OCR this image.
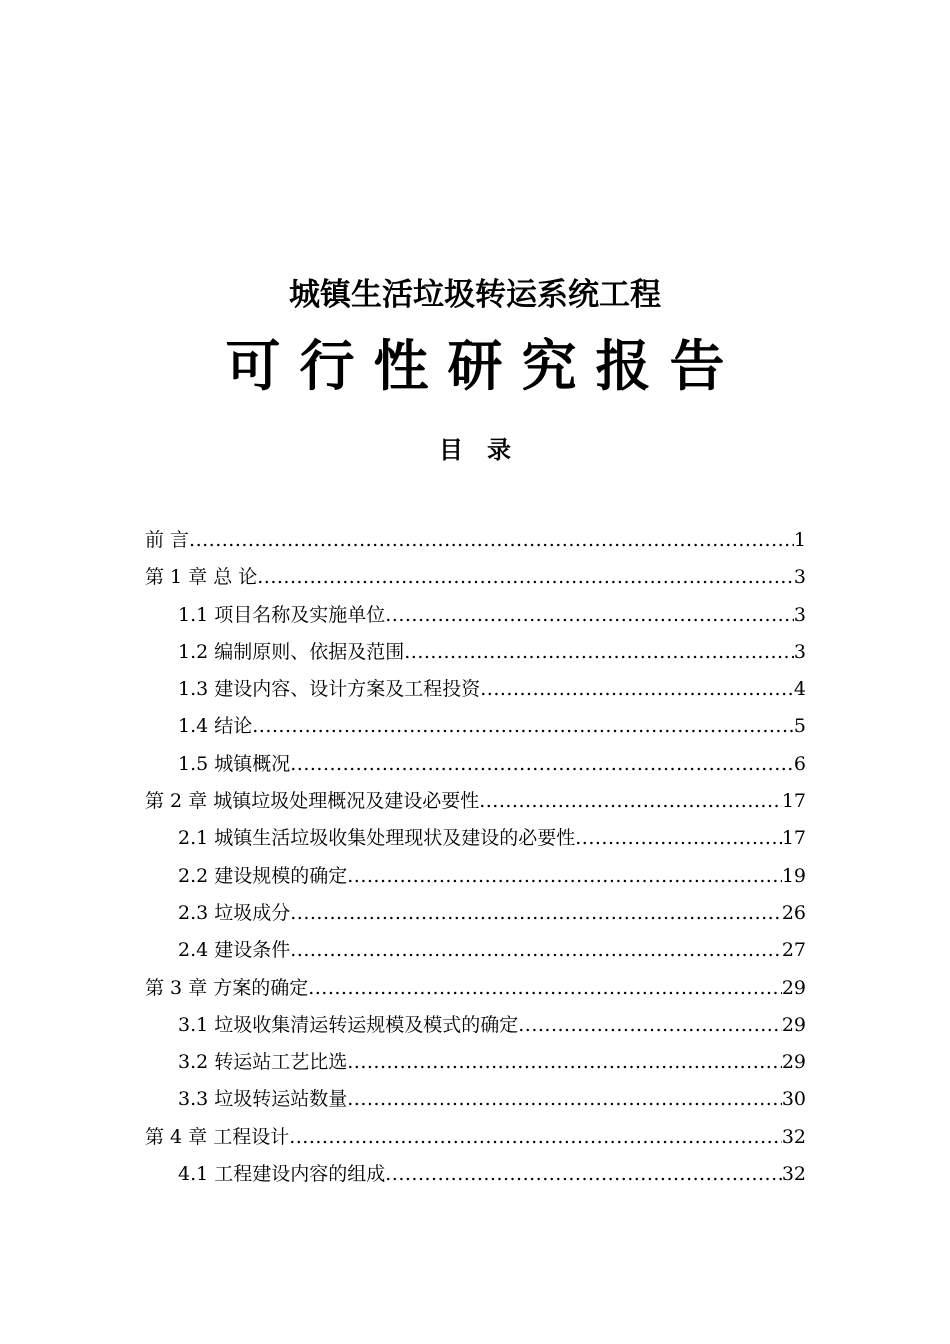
城镇生活垃圾转运系统工程
可行性研究报告
目录
前 言 .....	1
第 1 章 总 论 .....	3
1.1 项目名称及实施单位 .....	3
1.2 编制原则、依据及范围 .....	3
1.3 建设内容、设计方案及工程投资 .....	4
1.4 结论 .....	5
1.5 城镇概况 .....	6
第 2 章 城镇垃圾处理概况及建设必要性 .....	17
2.1 城镇生活垃圾收集处理现状及建设的必要性 .....	17
2.2 建设规模的确定 .....	19
2.3 垃圾成分 .....	26
2.4 建设条件 .....	27
第 3 章 方案的确定 .....	29
3.1 垃圾收集清运转运规模及模式的确定 .....	29
3.2 转运站工艺比选 .....	29
3.3 垃圾转运站数量 .....	30
第 4 章 工程设计 .....	32
4.1 工程建设内容的组成 .....	32
